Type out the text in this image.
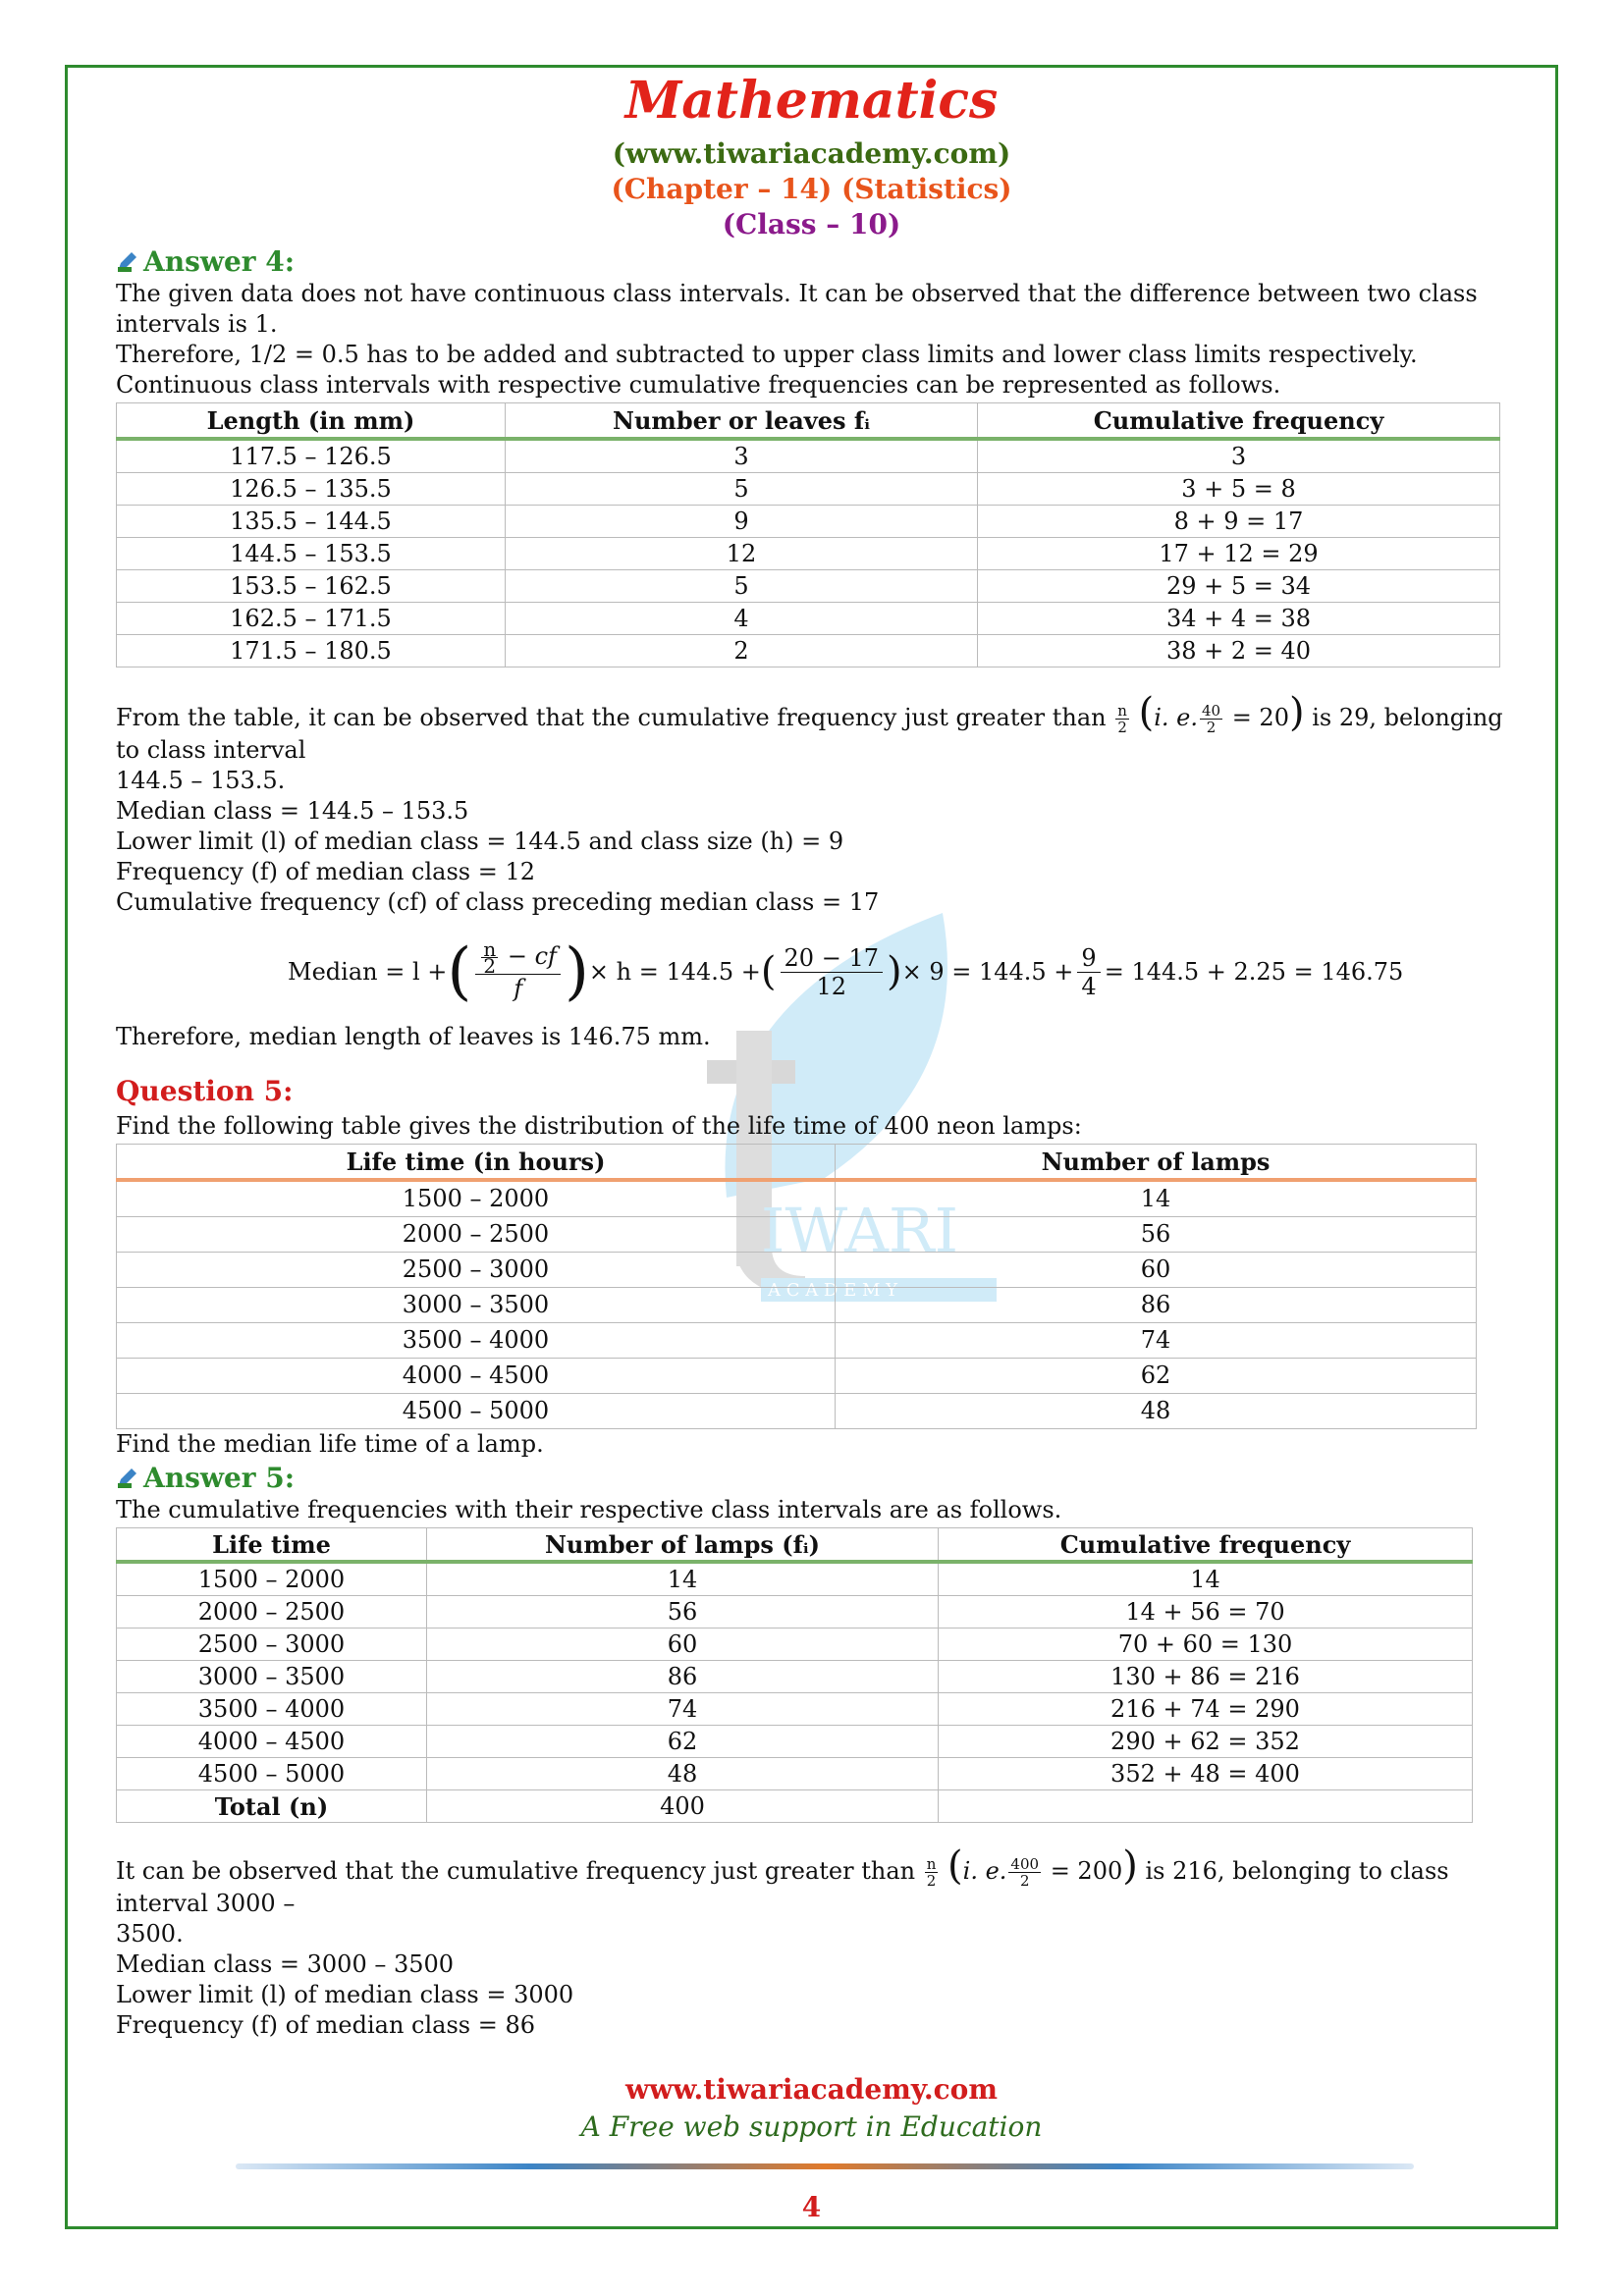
IWARI
A C A D E M Y
Mathematics
(www.tiwariacademy.com)
(Chapter – 14) (Statistics)
(Class – 10)
Answer 4:

The given data does not have continuous class intervals. It can be observed that the difference between two class intervals is 1.

Therefore, 1/2 = 0.5 has to be added and subtracted to upper class limits and lower class limits respectively.

Continuous class intervals with respective cumulative frequencies can be represented as follows.

Length (in mm)	Number or leaves fᵢ	Cumulative frequency
117.5 – 126.5	3	3
126.5 – 135.5	5	3 + 5 = 8
135.5 – 144.5	9	8 + 9 = 17
144.5 – 153.5	12	17 + 12 = 29
153.5 – 162.5	5	29 + 5 = 34
162.5 – 171.5	4	34 + 4 = 38
171.5 – 180.5	2	38 + 2 = 40

From the table, it can be observed that the cumulative frequency just greater than $\frac{n}{2} (i$. e. $\frac{40}{2} = 20$) is 29, belonging to class interval

144.5 – 153.5.

Median class = 144.5 – 153.5

Lower limit (l) of median class = 144.5 and class size (h) = 9

Frequency (f) of median class = 12

Cumulative frequency (cf) of class preceding median class = 17

Median = l + ( $\frac{\frac{n}{2} - cf}{f}$ ) × h = 144.5 + ( $\frac{20 - 17}{12}$ ) × $9 = 144.5 + \frac{9}{4} = 144.5 + 2.25 = 146.75$

Therefore, median length of leaves is 146.75 mm.

Question 5:

Find the following table gives the distribution of the life time of 400 neon lamps:

Life time (in hours)	Number of lamps
1500 – 2000	14
2000 – 2500	56
2500 – 3000	60
3000 – 3500	86
3500 – 4000	74
4000 – 4500	62
4500 – 5000	48

Find the median life time of a lamp.

Answer 5:

The cumulative frequencies with their respective class intervals are as follows.

Life time	Number of lamps (fᵢ)	Cumulative frequency
1500 – 2000	14	14
2000 – 2500	56	14 + 56 = 70
2500 – 3000	60	70 + 60 = 130
3000 – 3500	86	130 + 86 = 216
3500 – 4000	74	216 + 74 = 290
4000 – 4500	62	290 + 62 = 352
4500 – 5000	48	352 + 48 = 400
Total (n)	400	

It can be observed that the cumulative frequency just greater than $\frac{n}{2} (i$. e. $\frac{400}{2} = 200$) is 216, belonging to class interval 3000 –

3500.

Median class = 3000 – 3500

Lower limit (l) of median class = 3000

Frequency (f) of median class = 86

www.tiwariacademy.com
A Free web support in Education
4
